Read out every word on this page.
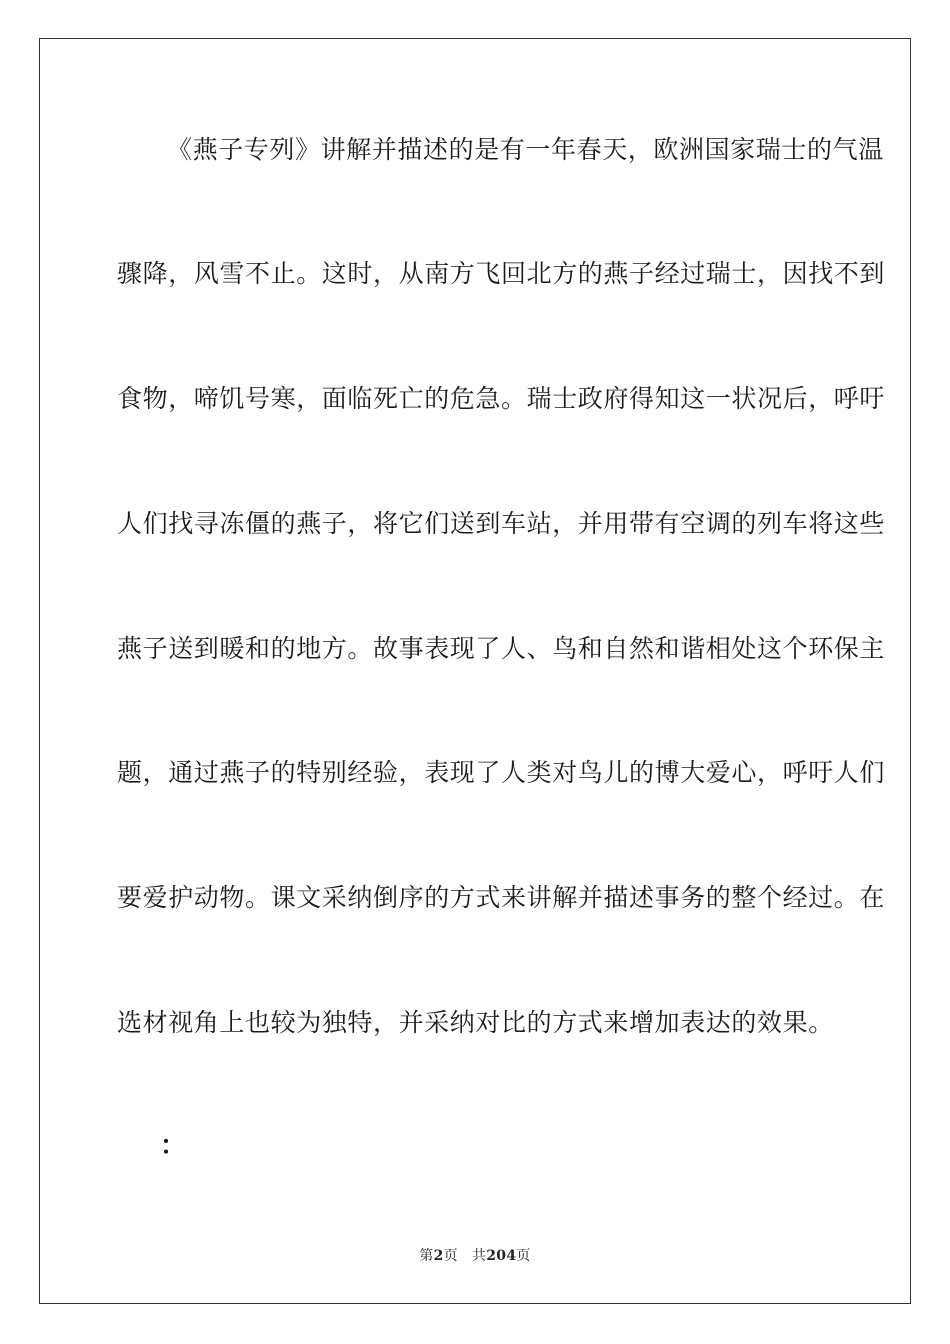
《燕子专列》讲解并描述的是有一年春天，欧洲国家瑞士的气温
骤降，风雪不止。这时，从南方飞回北方的燕子经过瑞士，因找不到
食物，啼饥号寒，面临死亡的危急。瑞士政府得知这一状况后，呼吁
人们找寻冻僵的燕子，将它们送到车站，并用带有空调的列车将这些
燕子送到暖和的地方。故事表现了人、鸟和自然和谐相处这个环保主
题，通过燕子的特别经验，表现了人类对鸟儿的博大爱心，呼吁人们
要爱护动物。课文采纳倒序的方式来讲解并描述事务的整个经过。在
选材视角上也较为独特，并采纳对比的方式来增加表达的效果。
：
第2页 共204页
